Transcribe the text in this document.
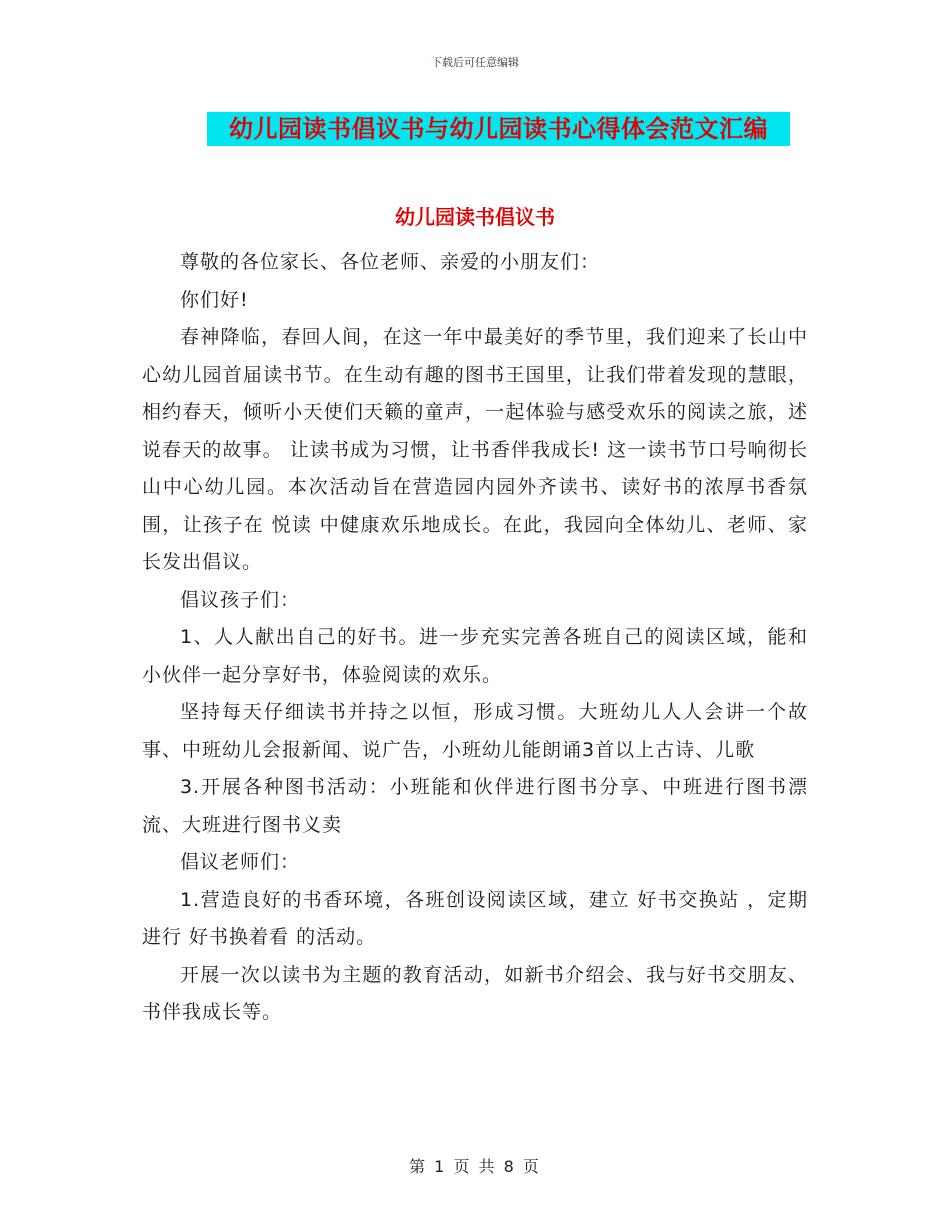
下载后可任意编辑
幼儿园读书倡议书与幼儿园读书心得体会范文汇编
幼儿园读书倡议书

尊敬的各位家长、各位老师、亲爱的小朋友们：

你们好!

春神降临，春回人间，在这一年中最美好的季节里，我们迎来了长山中心幼儿园首届读书节。在生动有趣的图书王国里，让我们带着发现的慧眼，相约春天，倾听小天使们天籁的童声，一起体验与感受欢乐的阅读之旅，述说春天的故事。 让读书成为习惯，让书香伴我成长! 这一读书节口号响彻长山中心幼儿园。本次活动旨在营造园内园外齐读书、读好书的浓厚书香氛围，让孩子在 悦读 中健康欢乐地成长。在此，我园向全体幼儿、老师、家长发出倡议。

倡议孩子们：

1、人人献出自己的好书。进一步充实完善各班自己的阅读区域，能和小伙伴一起分享好书，体验阅读的欢乐。

坚持每天仔细读书并持之以恒，形成习惯。大班幼儿人人会讲一个故事、中班幼儿会报新闻、说广告，小班幼儿能朗诵3首以上古诗、儿歌

3.开展各种图书活动：小班能和伙伴进行图书分享、中班进行图书漂流、大班进行图书义卖

倡议老师们：

1.营造良好的书香环境，各班创设阅读区域，建立 好书交换站 ，定期进行 好书换着看 的活动。

开展一次以读书为主题的教育活动，如新书介绍会、我与好书交朋友、书伴我成长等。

第 1 页 共 8 页
